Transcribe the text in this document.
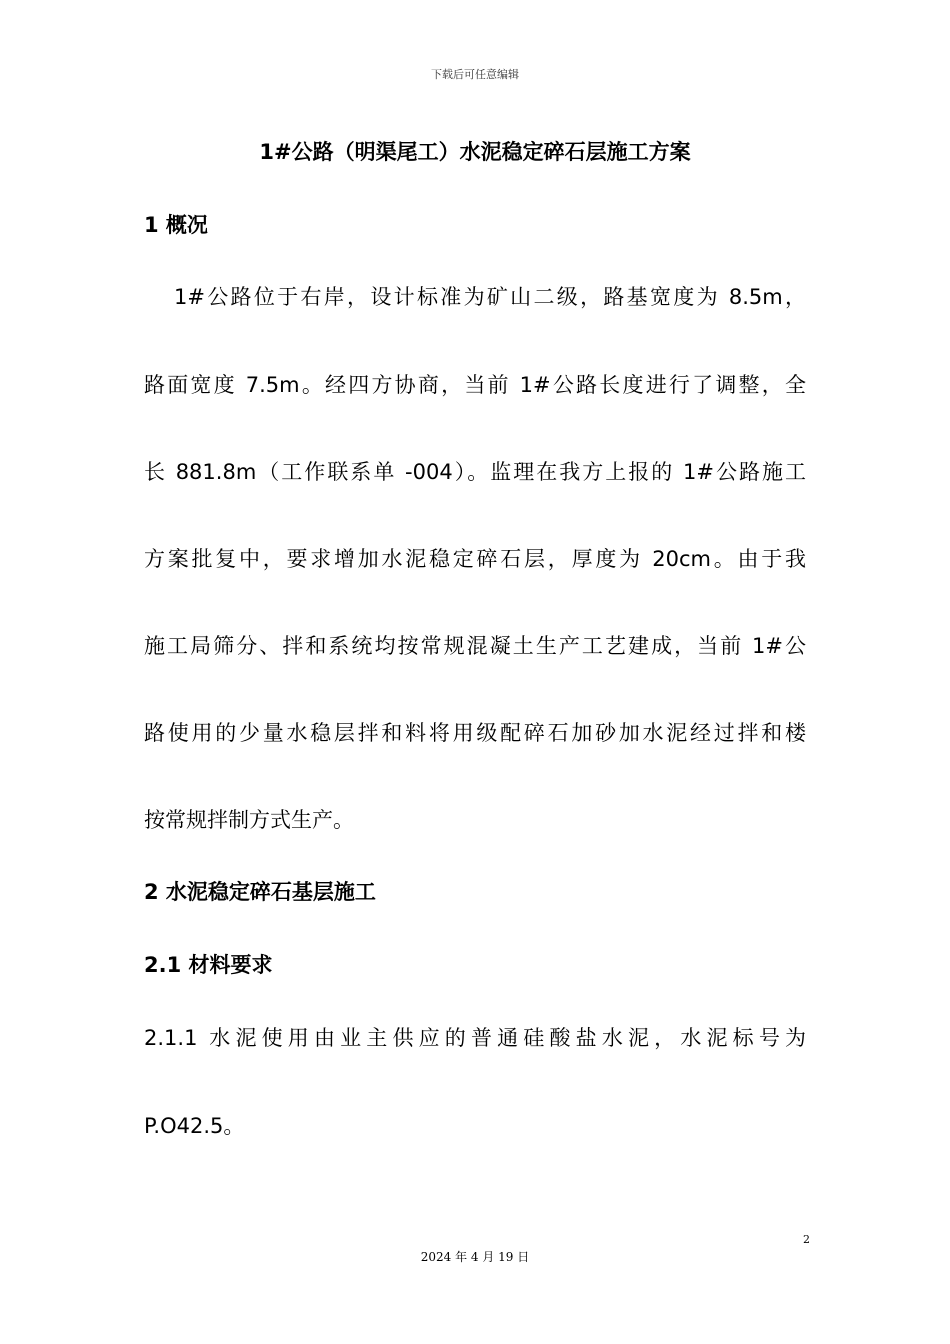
下载后可任意编辑
1#公路（明渠尾工）水泥稳定碎石层施工方案
1 概况
1#公路位于右岸，设计标准为矿山二级，路基宽度为 8.5m，
路面宽度 7.5m。经四方协商，当前 1#公路长度进行了调整，全
长 881.8m（工作联系单 -004）。监理在我方上报的 1#公路施工
方案批复中，要求增加水泥稳定碎石层，厚度为 20cm。由于我
施工局筛分、拌和系统均按常规混凝土生产工艺建成，当前 1#公
路使用的少量水稳层拌和料将用级配碎石加砂加水泥经过拌和楼
按常规拌制方式生产。
2 水泥稳定碎石基层施工
2.1 材料要求
2.1.1 水泥使用由业主供应的普通硅酸盐水泥，水泥标号为
P.O42.5。
2
2024 年 4 月 19 日
